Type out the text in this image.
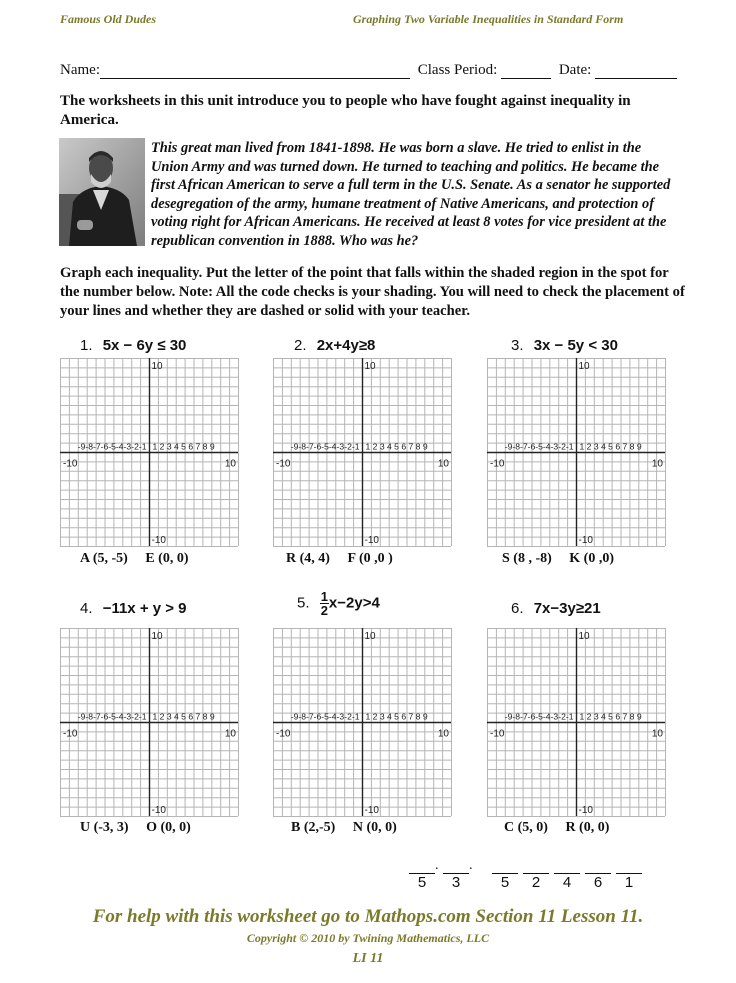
Famous Old Dudes	Graphing Two Variable Inequalities in Standard Form
Name:	Class Period:	Date:
The worksheets in this unit introduce you to people who have fought against inequality in America.
This great man lived from 1841-1898. He was born a slave. He tried to enlist in the Union Army and was turned down. He turned to teaching and politics. He became the first African American to serve a full term in the U.S. Senate. As a senator he supported desegregation of the army, humane treatment of Native Americans, and protection of voting right for African Americans. He received at least 8 votes for vice president at the republican convention in 1888. Who was he?
Graph each inequality. Put the letter of the point that falls within the shaded region in the spot for the number below. Note: All the code checks is your shading. You will need to check the placement of your lines and whether they are dashed or solid with your teacher.
1. 5x − 6y ≤ 30	2. 2x+4y≥8	3. 3x − 5y < 30
4. −11x + y > 9	5. $\frac{1}{2} x-2y>4$	6. 7x−3y≥21
10
-10
-10	10
-9-8-7-6-5-4-3-2-1 1 2 3 4 5 6 7 8 9
10
-10
-10	10
-9-8-7-6-5-4-3-2-1 1 2 3 4 5 6 7 8 9
10
-10
-10	10
-9-8-7-6-5-4-3-2-1 1 2 3 4 5 6 7 8 9
10
-10
-10	10
-9-8-7-6-5-4-3-2-1 1 2 3 4 5 6 7 8 9
10
-10
-10	10
-9-8-7-6-5-4-3-2-1 1 2 3 4 5 6 7 8 9
10
-10
-10	10
-9-8-7-6-5-4-3-2-1 1 2 3 4 5 6 7 8 9
A (5, -5) E (0, 0)	R (4, 4) F (0 ,0 )	S (8 , -8) K (0 ,0)
U (-3, 3) O (0, 0)	B (2,-5) N (0, 0)	C (5, 0) R (0, 0)
. .
5	3	5	2	4	6	1
For help with this worksheet go to Mathops.com Section 11 Lesson 11.
Copyright © 2010 by Twining Mathematics, LLC
LI 11
